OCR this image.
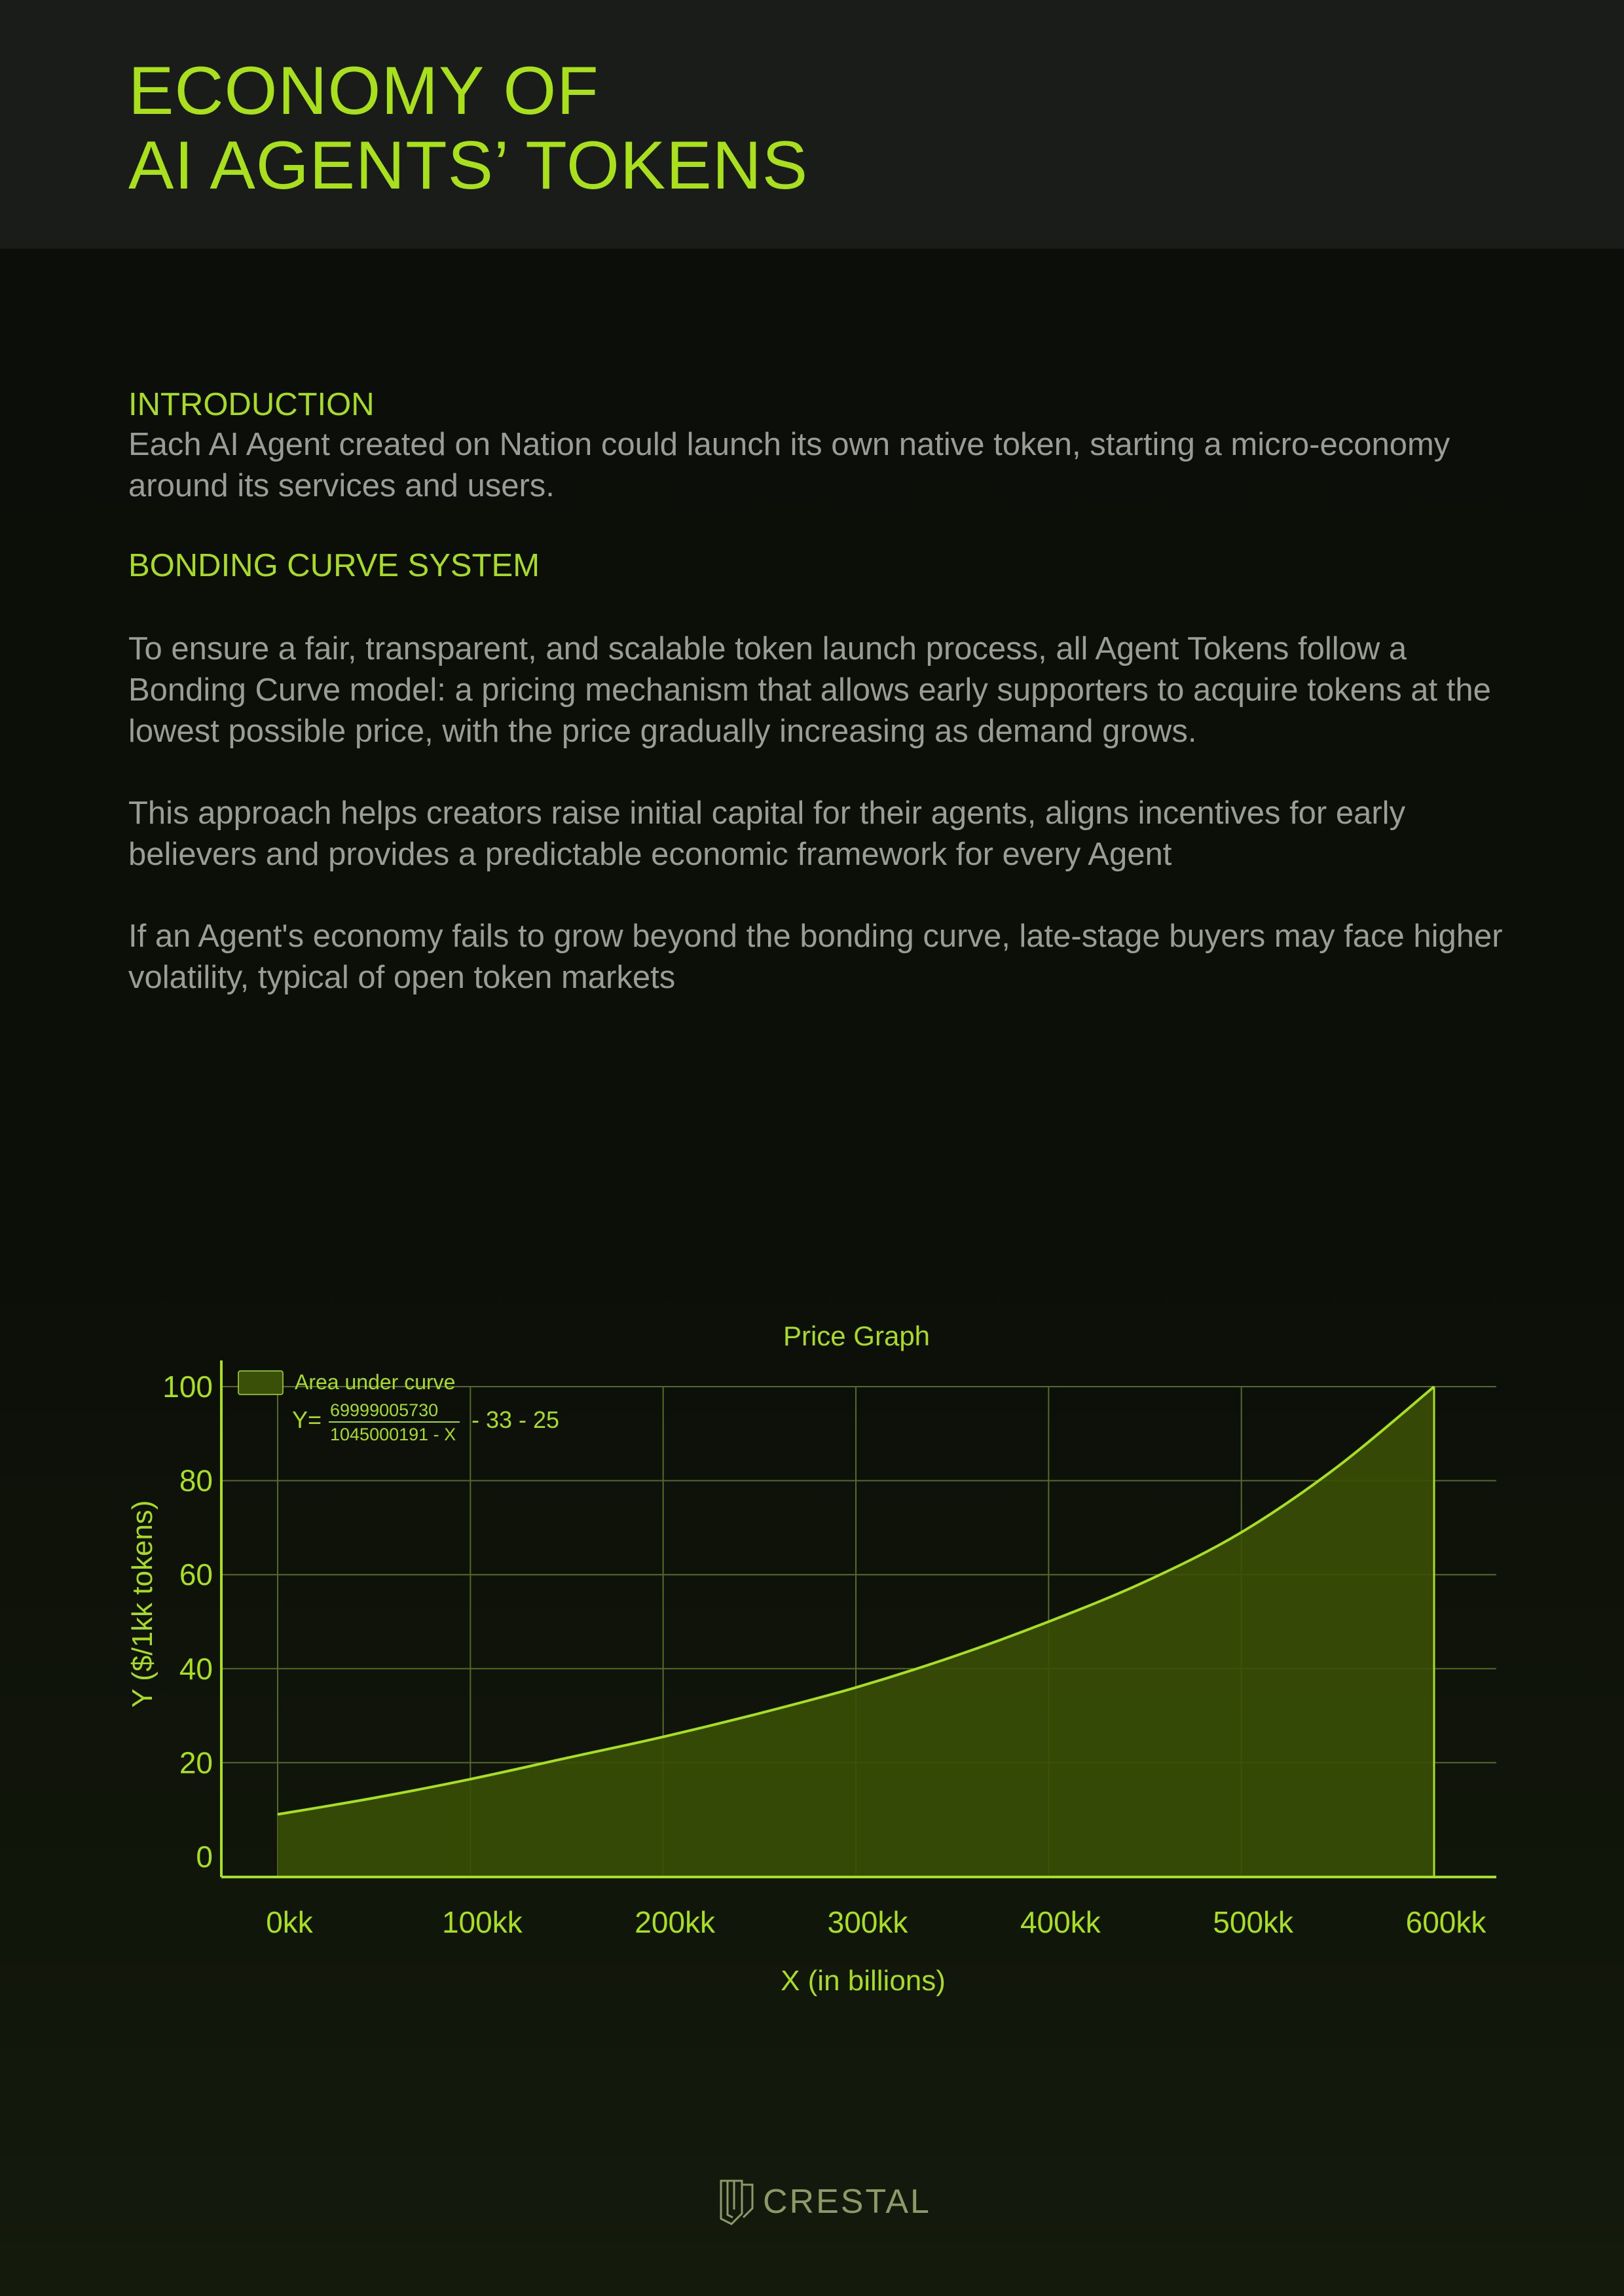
ECONOMY OF
AI AGENTS’ TOKENS
INTRODUCTION

Each AI Agent created on Nation could launch its own native token, starting a micro-economy around its services and users.

BONDING CURVE SYSTEM

To ensure a fair, transparent, and scalable token launch process, all Agent Tokens follow a Bonding Curve model: a pricing mechanism that allows early supporters to acquire tokens at the lowest possible price, with the price gradually increasing as demand grows.

This approach helps creators raise initial capital for their agents, aligns incentives for early believers and provides a predictable economic framework for every Agent

If an Agent's economy fails to grow beyond the bonding curve, late-stage buyers may face higher volatility, typical of open token markets

0
20
40
60
80
100
0kk	100kk	200kk	300kk	400kk	500kk	600kk
Price Graph
X (in billions)
Y ($/1kk tokens)
Area under curve
Y= 69999005730
1045000191 - X
- 33 - 25
CRESTAL
